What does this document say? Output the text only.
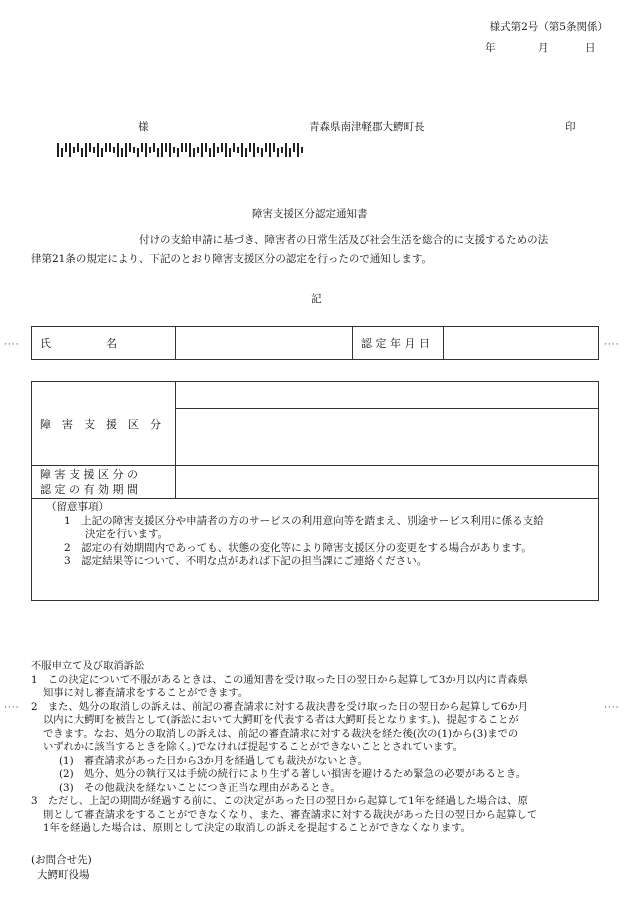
様式第2号（第5条関係）
年	月	日
様	青森県南津軽郡大鰐町長	印
障害支援区分認定通知書
付けの支給申請に基づき、障害者の日常生活及び社会生活を総合的に支援するための法
律第21条の規定により、下記のとおり障害支援区分の認定を行ったので通知します。
記
····	····
····	····
氏　　　　　名		認 定 年 月 日	
障　害　支　援　区　分	

障 害 支 援 区 分 の
認 定 の 有 効 期 間	

（留意事項）
1　上記の障害支援区分や申請者の方のサービスの利用意向等を踏まえ、別途サービス利用に係る支給
決定を行います。
2　認定の有効期間内であっても、状態の変化等により障害支援区分の変更をする場合があります。
3　認定結果等について、不明な点があれば下記の担当課にご連絡ください。	
不服申立て及び取消訴訟
1　この決定について不服があるときは、この通知書を受け取った日の翌日から起算して3か月以内に青森県
知事に対し審査請求をすることができます。
2　また、処分の取消しの訴えは、前記の審査請求に対する裁決書を受け取った日の翌日から起算して6か月
以内に大鰐町を被告として(訴訟において大鰐町を代表する者は大鰐町長となります。)、提起することが
できます。なお、処分の取消しの訴えは、前記の審査請求に対する裁決を経た後(次の(1)から(3)までの
いずれかに該当するときを除く。)でなければ提起することができないこととされています。
(1)　審査請求があった日から3か月を経過しても裁決がないとき。
(2)　処分、処分の執行又は手続の続行により生ずる著しい損害を避けるため緊急の必要があるとき。
(3)　その他裁決を経ないことにつき正当な理由があるとき。
3　ただし、上記の期間が経過する前に、この決定があった日の翌日から起算して1年を経過した場合は、原
則として審査請求をすることができなくなり、また、審査請求に対する裁決があった日の翌日から起算して
1年を経過した場合は、原則として決定の取消しの訴えを提起することができなくなります。
(お問合せ先)
大鰐町役場
